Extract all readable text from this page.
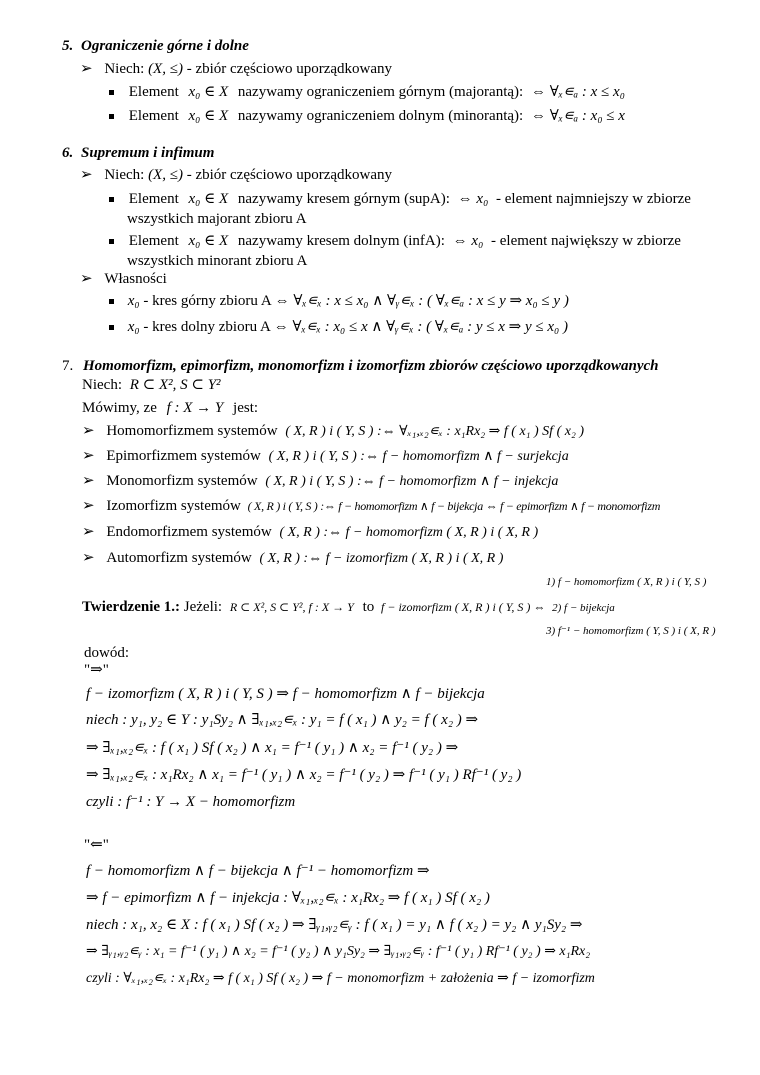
5. Ograniczenie górne i dolne
➢ Niech: (X, ≤) - zbiór częściowo uporządkowany
Element x₀ ∈ X nazywamy ograniczeniem górnym (majorantą): ⇔ ∀ₓ∊ₐ : x ≤ x₀
Element x₀ ∈ X nazywamy ograniczeniem dolnym (minorantą): ⇔ ∀ₓ∊ₐ : x₀ ≤ x
6. Supremum i infimum
➢ Niech: (X, ≤) - zbiór częściowo uporządkowany
Element x₀ ∈ X nazywamy kresem górnym (supA): ⇔ x₀ - element najmniejszy w zbiorze
wszystkich majorant zbioru A
Element x₀ ∈ X nazywamy kresem dolnym (infA): ⇔ x₀ - element największy w zbiorze
wszystkich minorant zbioru A
➢ Własności
x₀ - kres górny zbioru A ⇔ ∀ₓ∊ₓ : x ≤ x₀ ∧ ∀ᵧ∊ₓ : ( ∀ₓ∊ₐ : x ≤ y ⇒ x₀ ≤ y )
x₀ - kres dolny zbioru A ⇔ ∀ₓ∊ₓ : x₀ ≤ x ∧ ∀ᵧ∊ₓ : ( ∀ₓ∊ₐ : y ≤ x ⇒ y ≤ x₀ )
7. Homomorfizm, epimorfizm, monomorfizm i izomorfizm zbiorów częściowo uporządkowanych
Niech: R ⊂ X², S ⊂ Y²
Mówimy, ze f : X → Y jest:
➢ Homomorfizmem systemów ( X, R ) i ( Y, S ) :⇔ ∀ₓ₁,ₓ₂∊ₓ : x₁Rx₂ ⇒ f ( x₁ ) Sf ( x₂ )
➢ Epimorfizmem systemów ( X, R ) i ( Y, S ) :⇔ f − homomorfizm ∧ f − surjekcja
➢ Monomorfizm systemów ( X, R ) i ( Y, S ) :⇔ f − homomorfizm ∧ f − injekcja
➢ Izomorfizm systemów ( X, R ) i ( Y, S ) :⇔ f − homomorfizm ∧ f − bijekcja ⇔ f − epimorfizm ∧ f − monomorfizm
➢ Endomorfizmem systemów ( X, R ) :⇔ f − homomorfizm ( X, R ) i ( X, R )
➢ Automorfizm systemów ( X, R ) :⇔ f − izomorfizm ( X, R ) i ( X, R )
1) f − homomorfizm ( X, R ) i ( Y, S )
Twierdzenie 1.: Jeżeli: R ⊂ X², S ⊂ Y², f : X → Y to f − izomorfizm ( X, R ) i ( Y, S ) ⇔ 2) f − bijekcja
3) f⁻¹ − homomorfizm ( Y, S ) i ( X, R )
dowód:
"⇒"
f − izomorfizm ( X, R ) i ( Y, S ) ⇒ f − homomorfizm ∧ f − bijekcja
niech : y₁, y₂ ∈ Y : y₁Sy₂ ∧ ∃ₓ₁,ₓ₂∊ₓ : y₁ = f ( x₁ ) ∧ y₂ = f ( x₂ ) ⇒
⇒ ∃ₓ₁,ₓ₂∊ₓ : f ( x₁ ) Sf ( x₂ ) ∧ x₁ = f⁻¹ ( y₁ ) ∧ x₂ = f⁻¹ ( y₂ ) ⇒
⇒ ∃ₓ₁,ₓ₂∊ₓ : x₁Rx₂ ∧ x₁ = f⁻¹ ( y₁ ) ∧ x₂ = f⁻¹ ( y₂ ) ⇒ f⁻¹ ( y₁ ) Rf⁻¹ ( y₂ )
czyli : f⁻¹ : Y → X − homomorfizm
"⇐"
f − homomorfizm ∧ f − bijekcja ∧ f⁻¹ − homomorfizm ⇒
⇒ f − epimorfizm ∧ f − injekcja : ∀ₓ₁,ₓ₂∊ₓ : x₁Rx₂ ⇒ f ( x₁ ) Sf ( x₂ )
niech : x₁, x₂ ∈ X : f ( x₁ ) Sf ( x₂ ) ⇒ ∃ᵧ₁,ᵧ₂∊ᵧ : f ( x₁ ) = y₁ ∧ f ( x₂ ) = y₂ ∧ y₁Sy₂ ⇒
⇒ ∃ᵧ₁,ᵧ₂∊ᵧ : x₁ = f⁻¹ ( y₁ ) ∧ x₂ = f⁻¹ ( y₂ ) ∧ y₁Sy₂ ⇒ ∃ᵧ₁,ᵧ₂∊ᵧ : f⁻¹ ( y₁ ) Rf⁻¹ ( y₂ ) ⇒ x₁Rx₂
czyli : ∀ₓ₁,ₓ₂∊ₓ : x₁Rx₂ ⇒ f ( x₁ ) Sf ( x₂ ) ⇒ f − monomorfizm + założenia ⇒ f − izomorfizm
